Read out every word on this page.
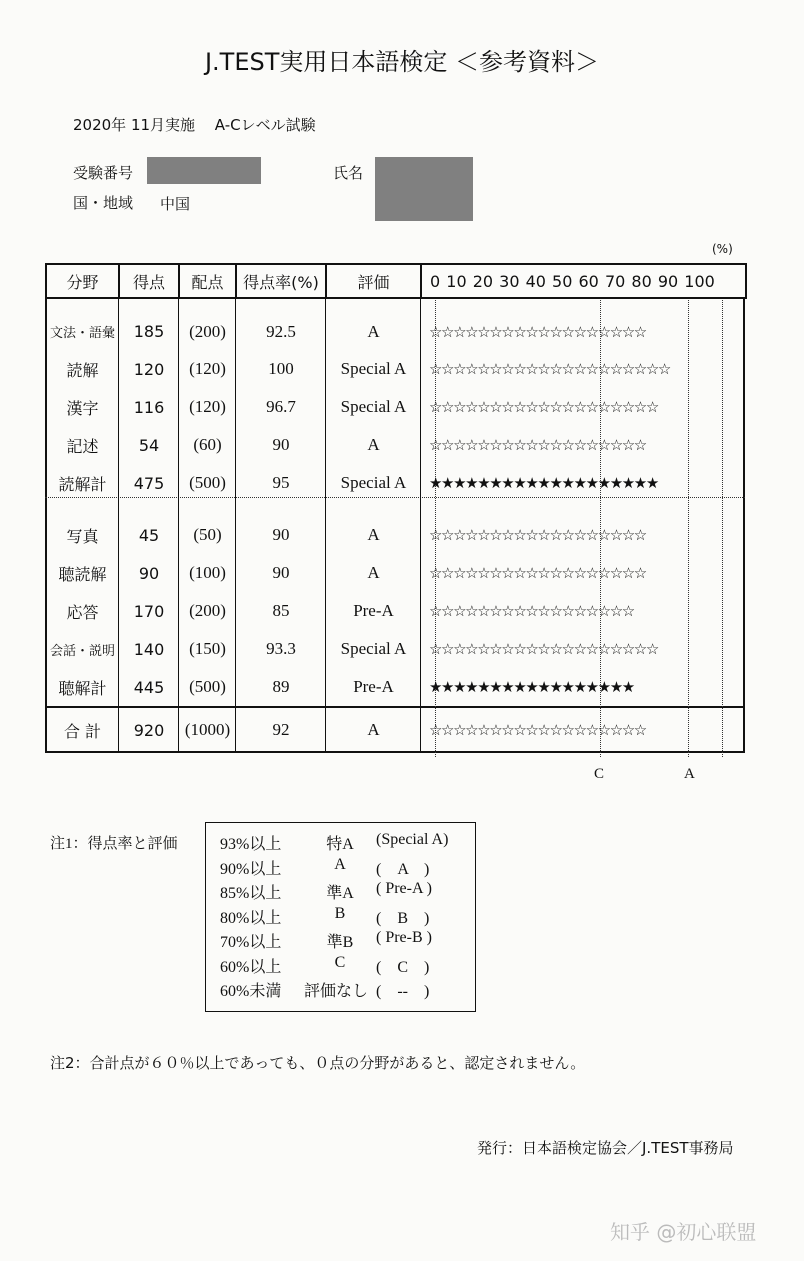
J.TEST実用日本語検定 ＜参考資料＞
2020年 11月実施　 A-Cレベル試験
受験番号	氏名
国・地域 中国
(%)
分野	得点	配点	得点率(%)	評価	0 10 20 30 40 50 60 70 80 90 100
文法・語彙	185	(200)	92.5	A	☆☆☆☆☆☆☆☆☆☆☆☆☆☆☆☆☆☆
読解	120	(120)	100	Special A	☆☆☆☆☆☆☆☆☆☆☆☆☆☆☆☆☆☆☆☆
漢字	116	(120)	96.7	Special A	☆☆☆☆☆☆☆☆☆☆☆☆☆☆☆☆☆☆☆
記述	54	(60)	90	A	☆☆☆☆☆☆☆☆☆☆☆☆☆☆☆☆☆☆
読解計	475	(500)	95	Special A	★★★★★★★★★★★★★★★★★★★
写真	45	(50)	90	A	☆☆☆☆☆☆☆☆☆☆☆☆☆☆☆☆☆☆
聴読解	90	(100)	90	A	☆☆☆☆☆☆☆☆☆☆☆☆☆☆☆☆☆☆
応答	170	(200)	85	Pre-A	☆☆☆☆☆☆☆☆☆☆☆☆☆☆☆☆☆
会話・説明	140	(150)	93.3	Special A	☆☆☆☆☆☆☆☆☆☆☆☆☆☆☆☆☆☆☆
聴解計	445	(500)	89	Pre-A	★★★★★★★★★★★★★★★★★
合 計	920	(1000)	92	A	☆☆☆☆☆☆☆☆☆☆☆☆☆☆☆☆☆☆
C	A
注1：得点率と評価	93%以上	特A	(Special A)
90%以上	A	(　A　)
85%以上	準A	( Pre-A )
80%以上	B	(　B　)
70%以上	準B	( Pre-B )
60%以上	C	(　C　)
60%未満	評価なし (　--　)
注2：合計点が６０％以上であっても、０点の分野があると、認定されません。
発行：日本語検定協会／J.TEST事務局
知乎 @初心联盟
